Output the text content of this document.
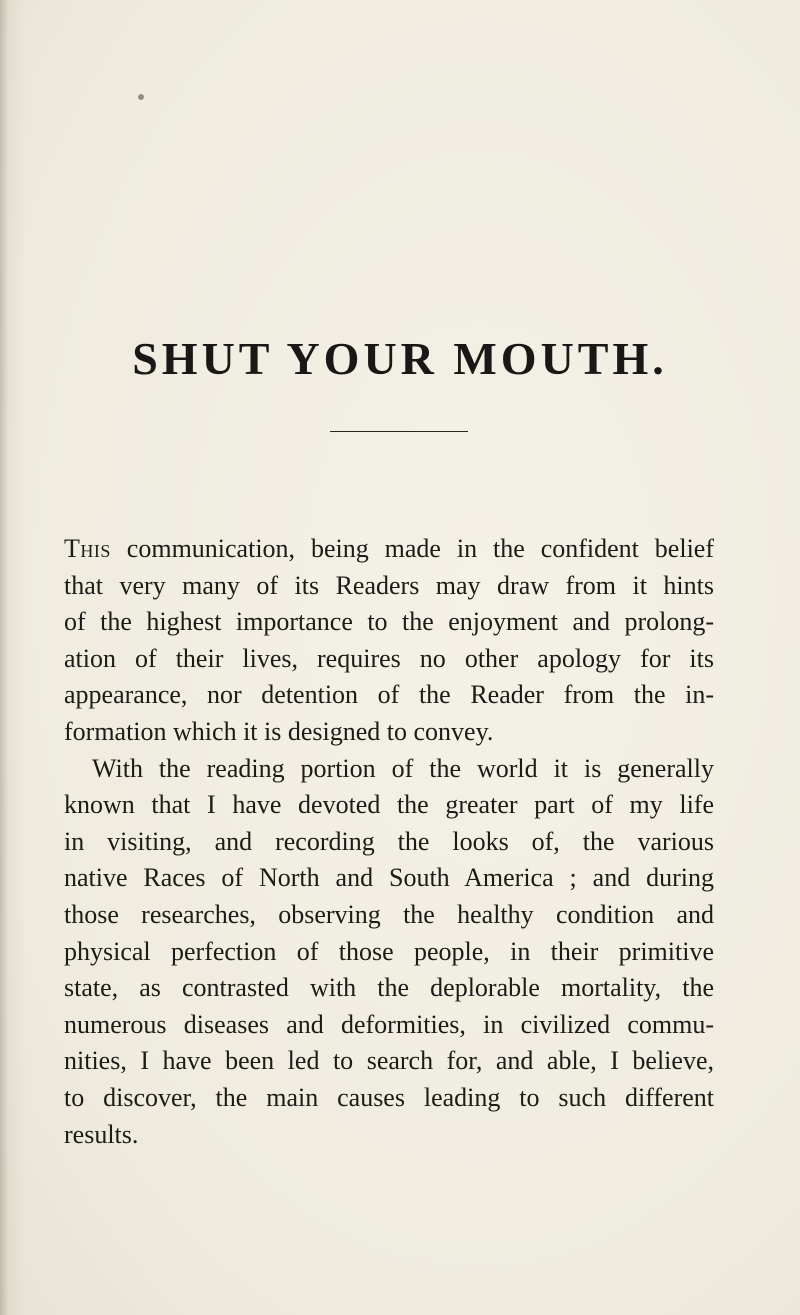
SHUT YOUR MOUTH.
This communication, being made in the confident belief
that very many of its Readers may draw from it hints
of the highest importance to the enjoyment and prolong-
ation of their lives, requires no other apology for its
appearance, nor detention of the Reader from the in-
formation which it is designed to convey.
With the reading portion of the world it is generally
known that I have devoted the greater part of my life
in visiting, and recording the looks of, the various
native Races of North and South America ; and during
those researches, observing the healthy condition and
physical perfection of those people, in their primitive
state, as contrasted with the deplorable mortality, the
numerous diseases and deformities, in civilized commu-
nities, I have been led to search for, and able, I believe,
to discover, the main causes leading to such different
results.
